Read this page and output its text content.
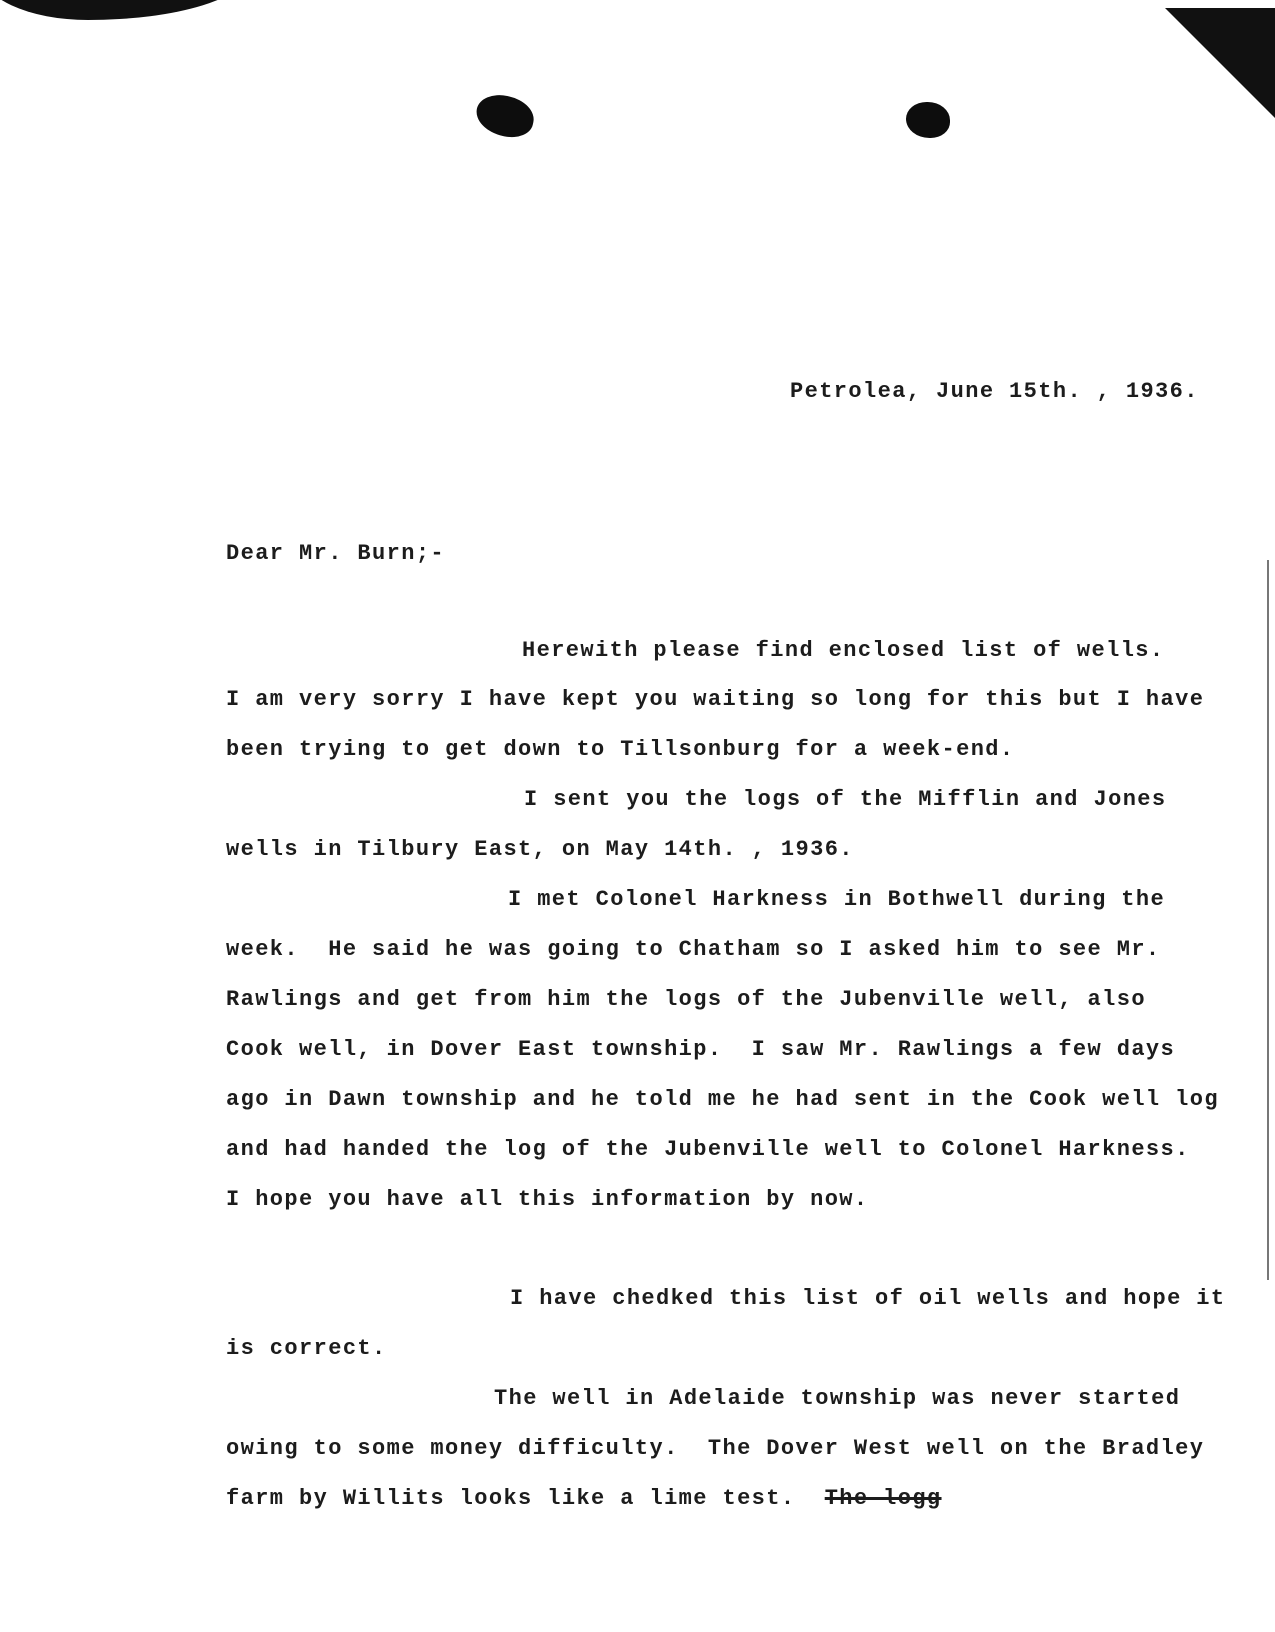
Petrolea, June 15th. , 1936.

Dear Mr. Burn;-

Herewith please find enclosed list of wells.

I am very sorry I have kept you waiting so long for this but I have

been trying to get down to Tillsonburg for a week-end.

I sent you the logs of the Mifflin and Jones

wells in Tilbury East, on May 14th. , 1936.

I met Colonel Harkness in Bothwell during the

week.  He said he was going to Chatham so I asked him to see Mr.

Rawlings and get from him the logs of the Jubenville well, also

Cook well, in Dover East township.  I saw Mr. Rawlings a few days

ago in Dawn township and he told me he had sent in the Cook well log

and had handed the log of the Jubenville well to Colonel Harkness.

I hope you have all this information by now.

I have chedked this list of oil wells and hope it

is correct.

The well in Adelaide township was never started

owing to some money difficulty.  The Dover West well on the Bradley

farm by Willits looks like a lime test. The logg
